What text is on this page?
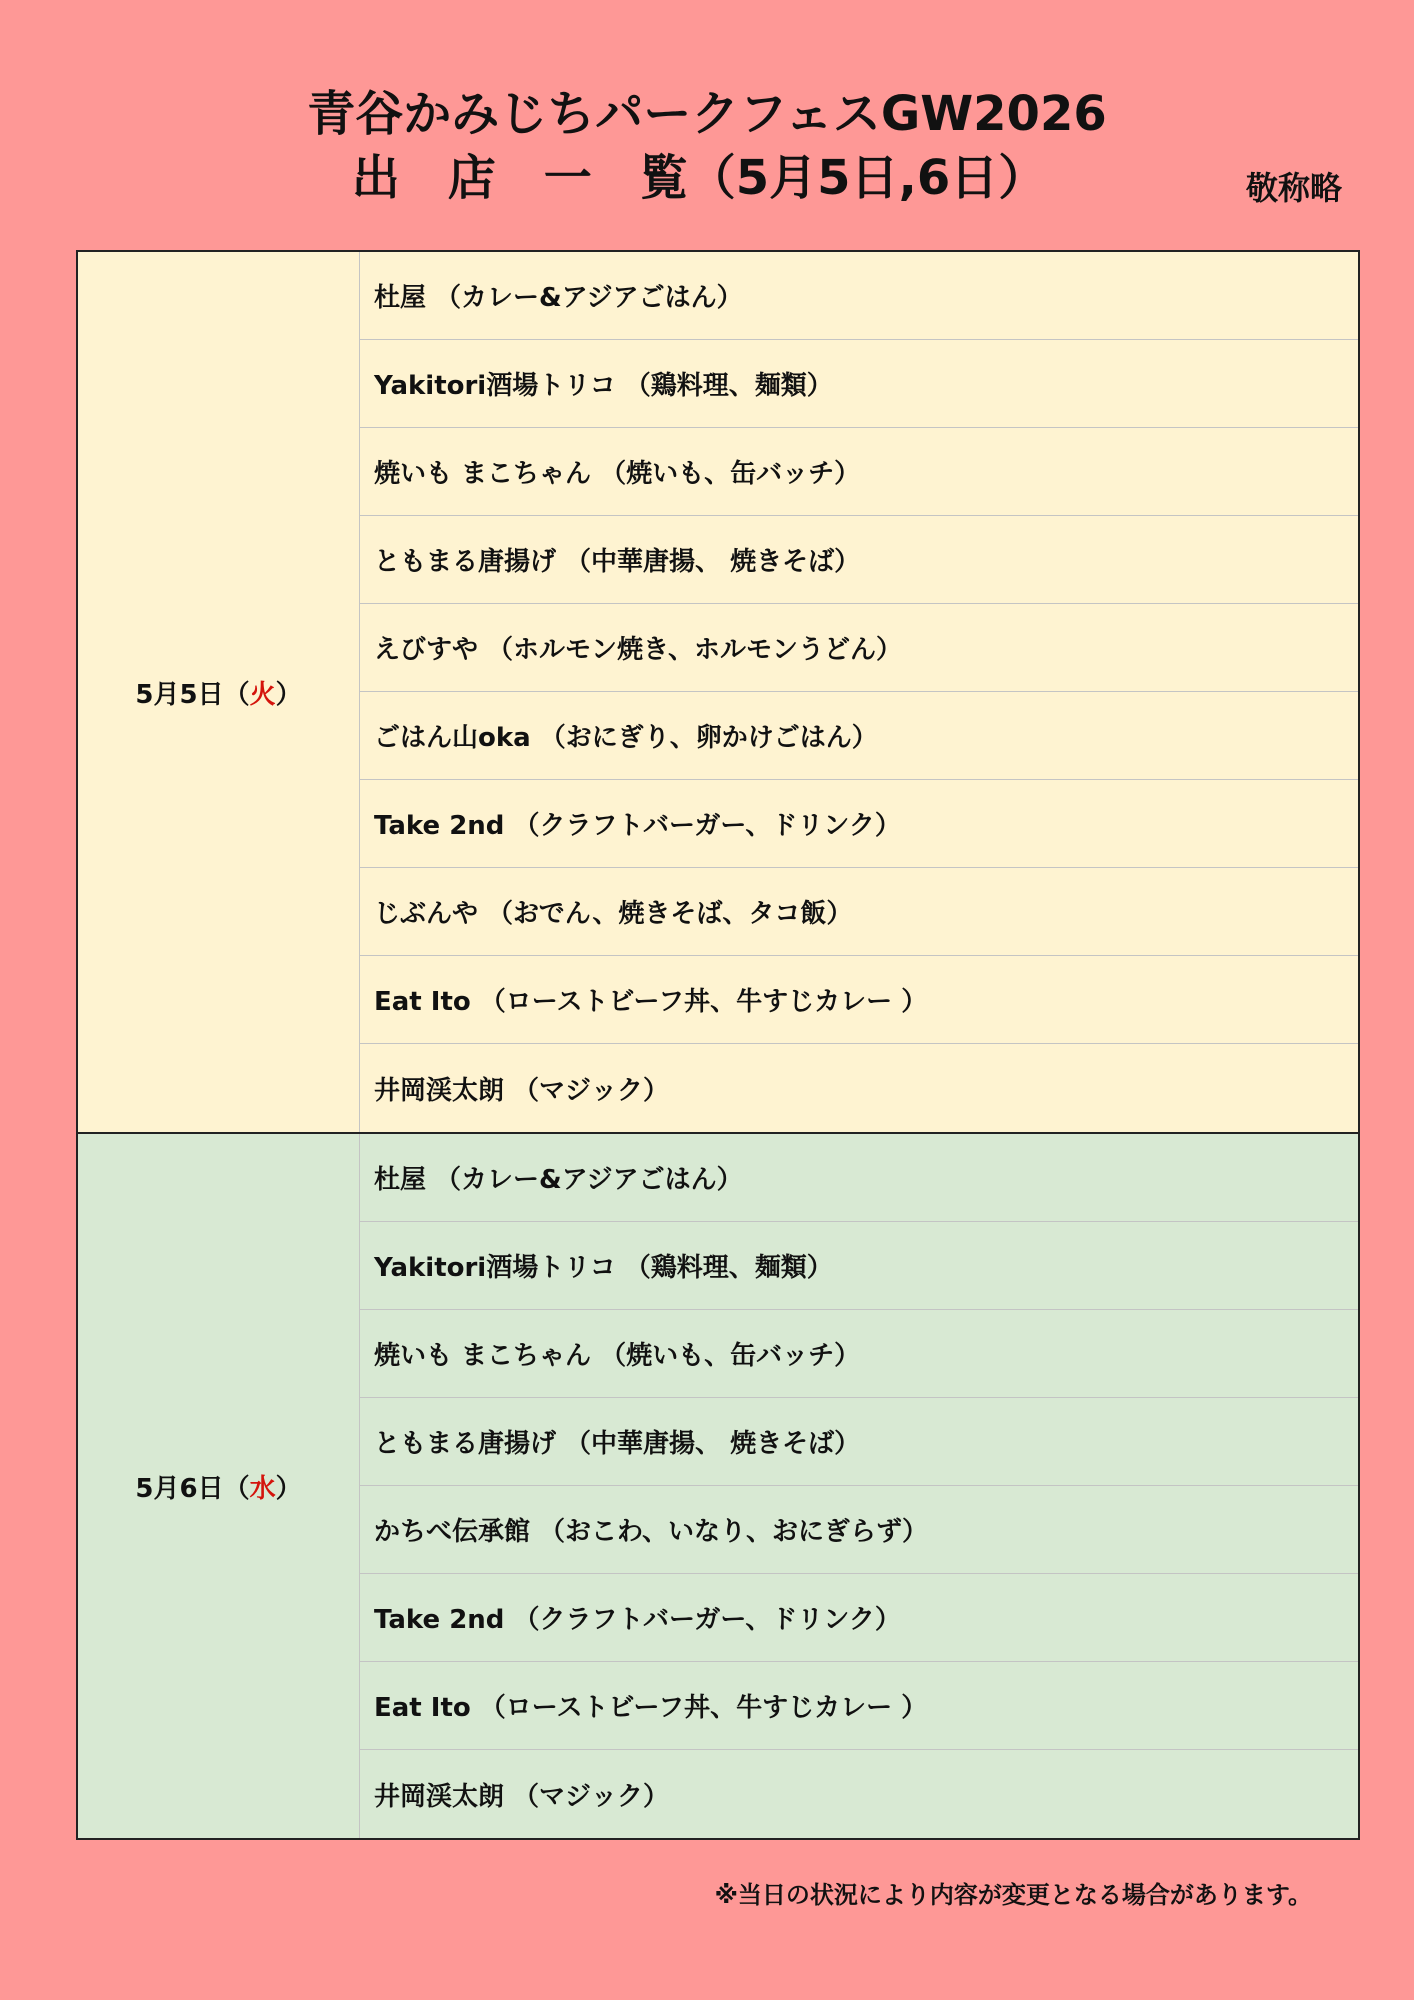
青谷かみじちパークフェスGW2026
出　店　一　覧（5月5日,6日）	敬称略
5月5日（ 火 ）
杜屋 （カレー&アジアごはん）
Yakitori酒場トリコ （鶏料理、麺類）
焼いも まこちゃん （焼いも、缶バッチ）
ともまる唐揚げ （中華唐揚、 焼きそば）
えびすや （ホルモン焼き、ホルモンうどん）
ごはん山oka （おにぎり、卵かけごはん）
Take 2nd （クラフトバーガー、ドリンク）
じぶんや （おでん、焼きそば、タコ飯）
Eat Ito （ローストビーフ丼、牛すじカレー ）
井岡渓太朗 （マジック）
5月6日（ 水 ）
杜屋 （カレー&アジアごはん）
Yakitori酒場トリコ （鶏料理、麺類）
焼いも まこちゃん （焼いも、缶バッチ）
ともまる唐揚げ （中華唐揚、 焼きそば）
かちべ伝承館 （おこわ、いなり、おにぎらず）
Take 2nd （クラフトバーガー、ドリンク）
Eat Ito （ローストビーフ丼、牛すじカレー ）
井岡渓太朗 （マジック）
※当日の状況により内容が変更となる場合があります。
